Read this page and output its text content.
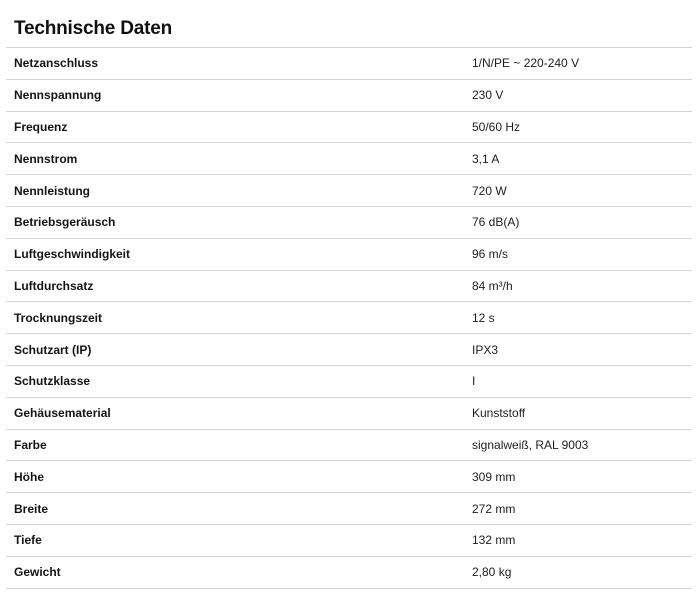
Technische Daten
Netzanschluss	1/N/PE ~ 220-240 V
Nennspannung	230 V
Frequenz	50/60 Hz
Nennstrom	3,1 A
Nennleistung	720 W
Betriebsgeräusch	76 dB(A)
Luftgeschwindigkeit	96 m/s
Luftdurchsatz	84 m³/h
Trocknungszeit	12 s
Schutzart (IP)	IPX3
Schutzklasse	I
Gehäusematerial	Kunststoff
Farbe	signalweiß, RAL 9003
Höhe	309 mm
Breite	272 mm
Tiefe	132 mm
Gewicht	2,80 kg
